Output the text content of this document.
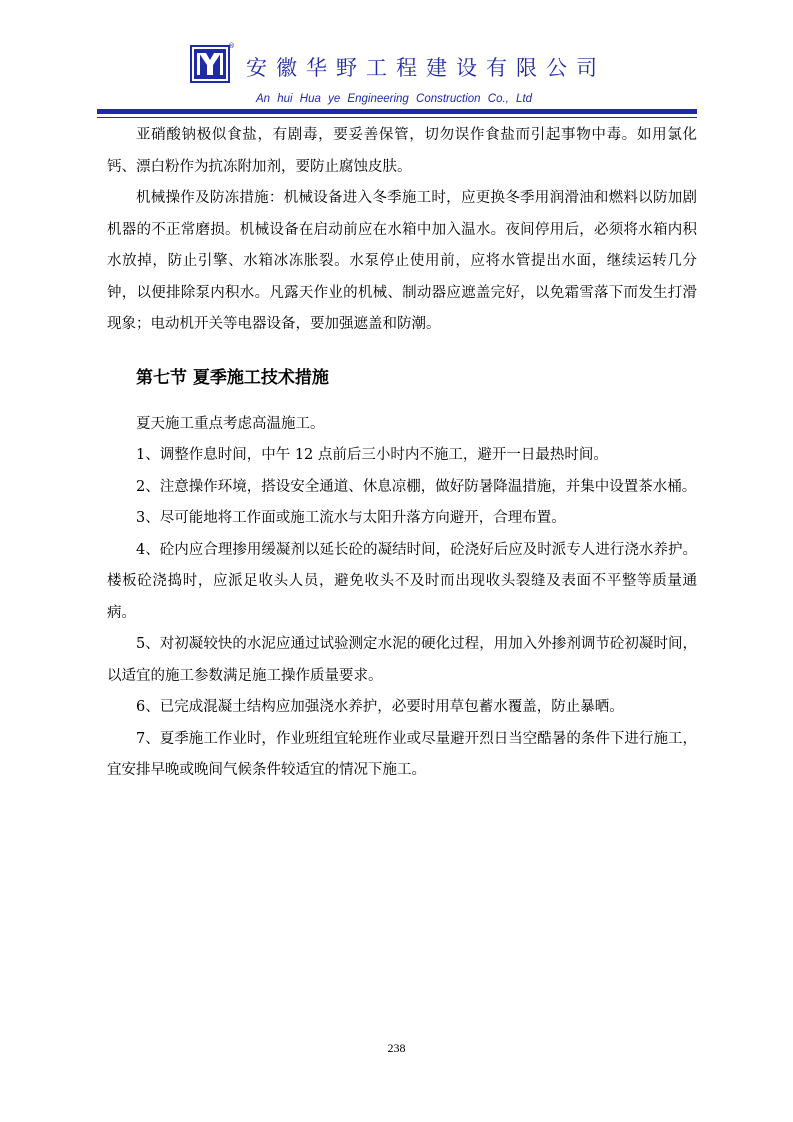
®
安徽华野工程建设有限公司
An hui Hua ye Engineering Construction Co., Ltd

亚硝酸钠极似食盐，有剧毒，要妥善保管，切勿误作食盐而引起事物中毒。如用氯化钙、漂白粉作为抗冻附加剂，要防止腐蚀皮肤。

机械操作及防冻措施：机械设备进入冬季施工时，应更换冬季用润滑油和燃料以防加剧机器的不正常磨损。机械设备在启动前应在水箱中加入温水。夜间停用后，必须将水箱内积水放掉，防止引擎、水箱冰冻胀裂。水泵停止使用前，应将水管提出水面，继续运转几分钟，以便排除泵内积水。凡露天作业的机械、制动器应遮盖完好，以免霜雪落下而发生打滑现象；电动机开关等电器设备，要加强遮盖和防潮。

第七节 夏季施工技术措施

夏天施工重点考虑高温施工。

1、调整作息时间，中午 12 点前后三小时内不施工，避开一日最热时间。

2、注意操作环境，搭设安全通道、休息凉棚，做好防暑降温措施，并集中设置茶水桶。

3、尽可能地将工作面或施工流水与太阳升落方向避开，合理布置。

4、砼内应合理掺用缓凝剂以延长砼的凝结时间，砼浇好后应及时派专人进行浇水养护。楼板砼浇捣时，应派足收头人员，避免收头不及时而出现收头裂缝及表面不平整等质量通病。

5、对初凝较快的水泥应通过试验测定水泥的硬化过程，用加入外掺剂调节砼初凝时间，以适宜的施工参数满足施工操作质量要求。

6、已完成混凝土结构应加强浇水养护，必要时用草包蓄水覆盖，防止暴晒。

7、夏季施工作业时，作业班组宜轮班作业或尽量避开烈日当空酷暑的条件下进行施工，宜安排早晚或晚间气候条件较适宜的情况下施工。

238
